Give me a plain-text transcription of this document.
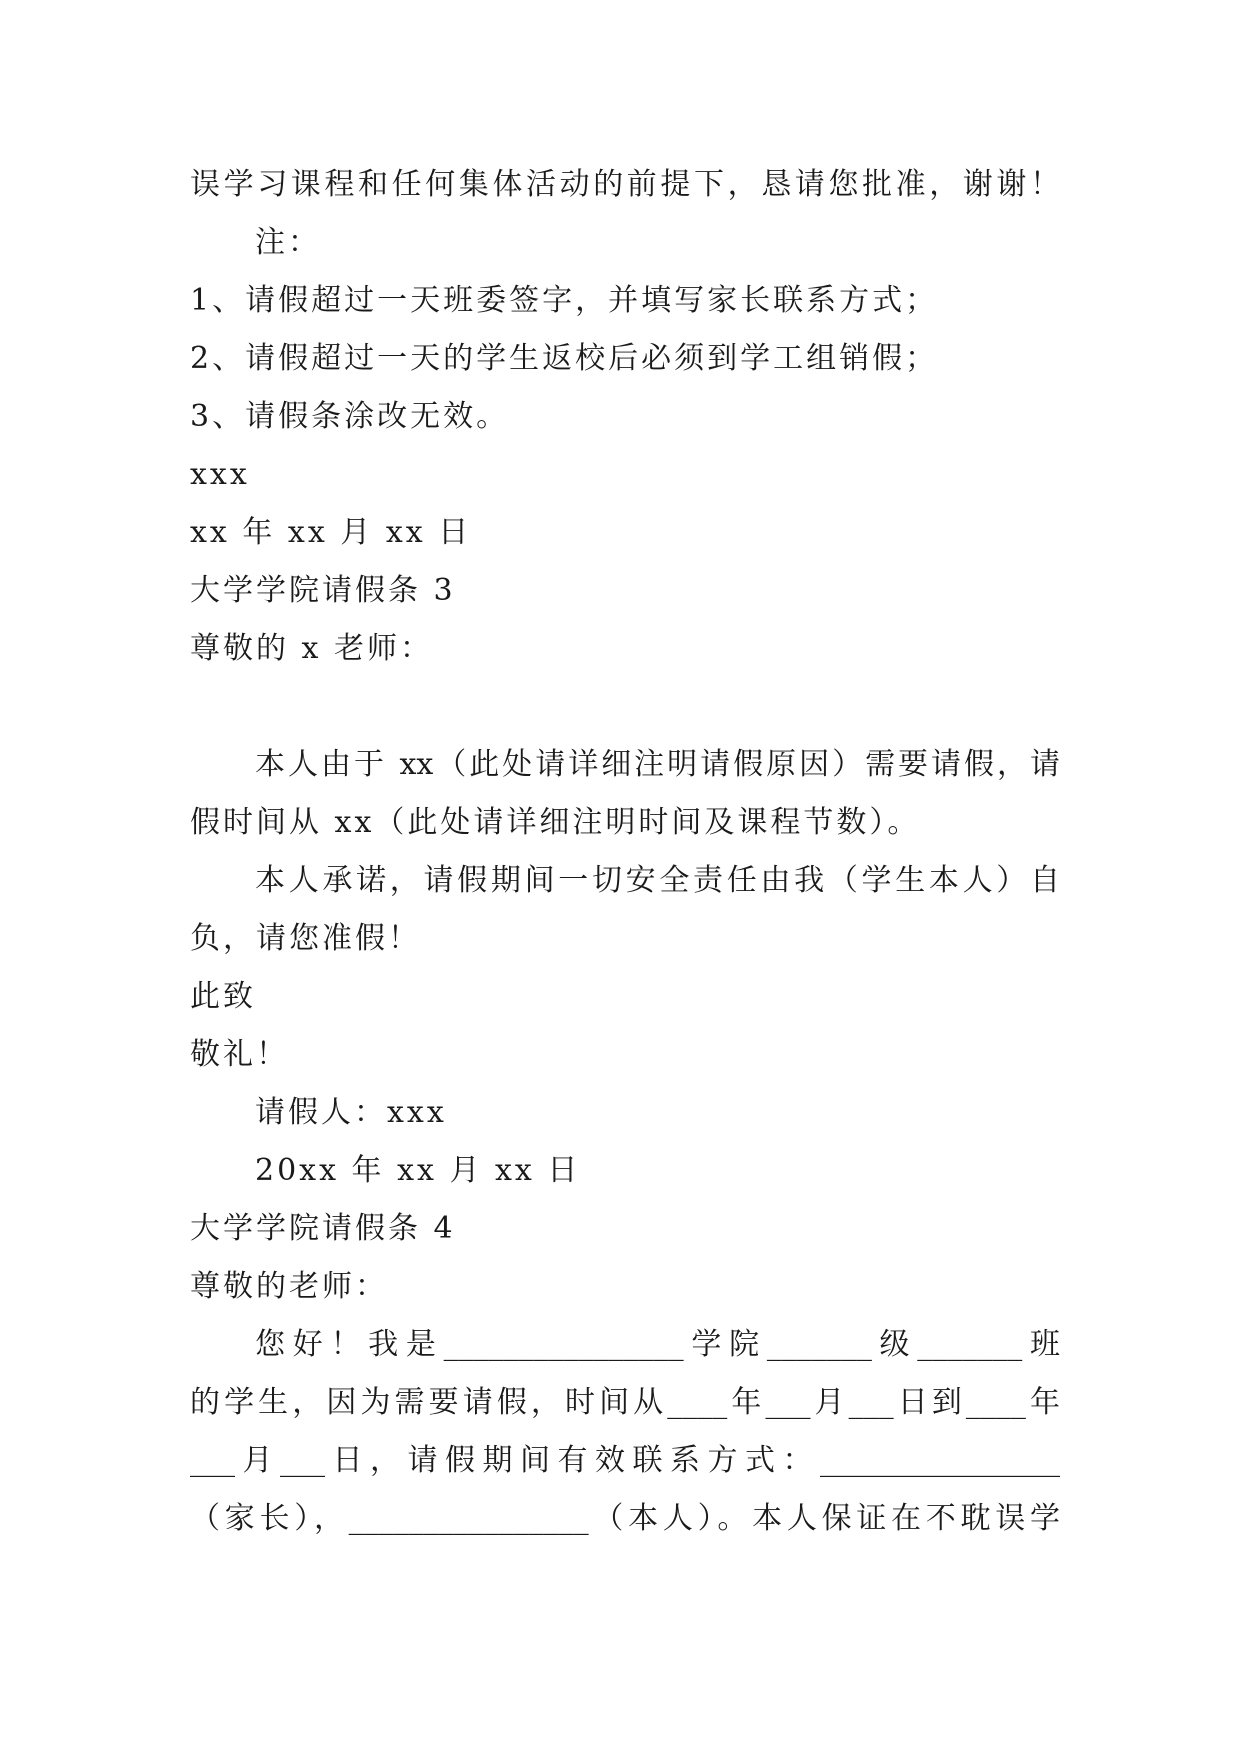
误学习课程和任何集体活动的前提下，恳请您批准，谢谢！
注：
1、请假超过一天班委签字，并填写家长联系方式；
2、请假超过一天的学生返校后必须到学工组销假；
3、请假条涂改无效。
xxx
xx 年 xx 月 xx 日
大学学院请假条 3
尊敬的 x 老师：
本人由于 xx（此处请详细注明请假原因）需要请假，请
假时间从 xx（此处请详细注明时间及课程节数）。
本人承诺，请假期间一切安全责任由我（学生本人）自
负，请您准假！
此致
敬礼！
请假人：xxx
20xx 年 xx 月 xx 日
大学学院请假条 4
尊敬的老师：
您好！我是________________学院_______级_______班
的学生，因为需要请假，时间从____年___月___日到____年
___月___日，请假期间有效联系方式：________________
（家长），________________（本人）。本人保证在不耽误学
